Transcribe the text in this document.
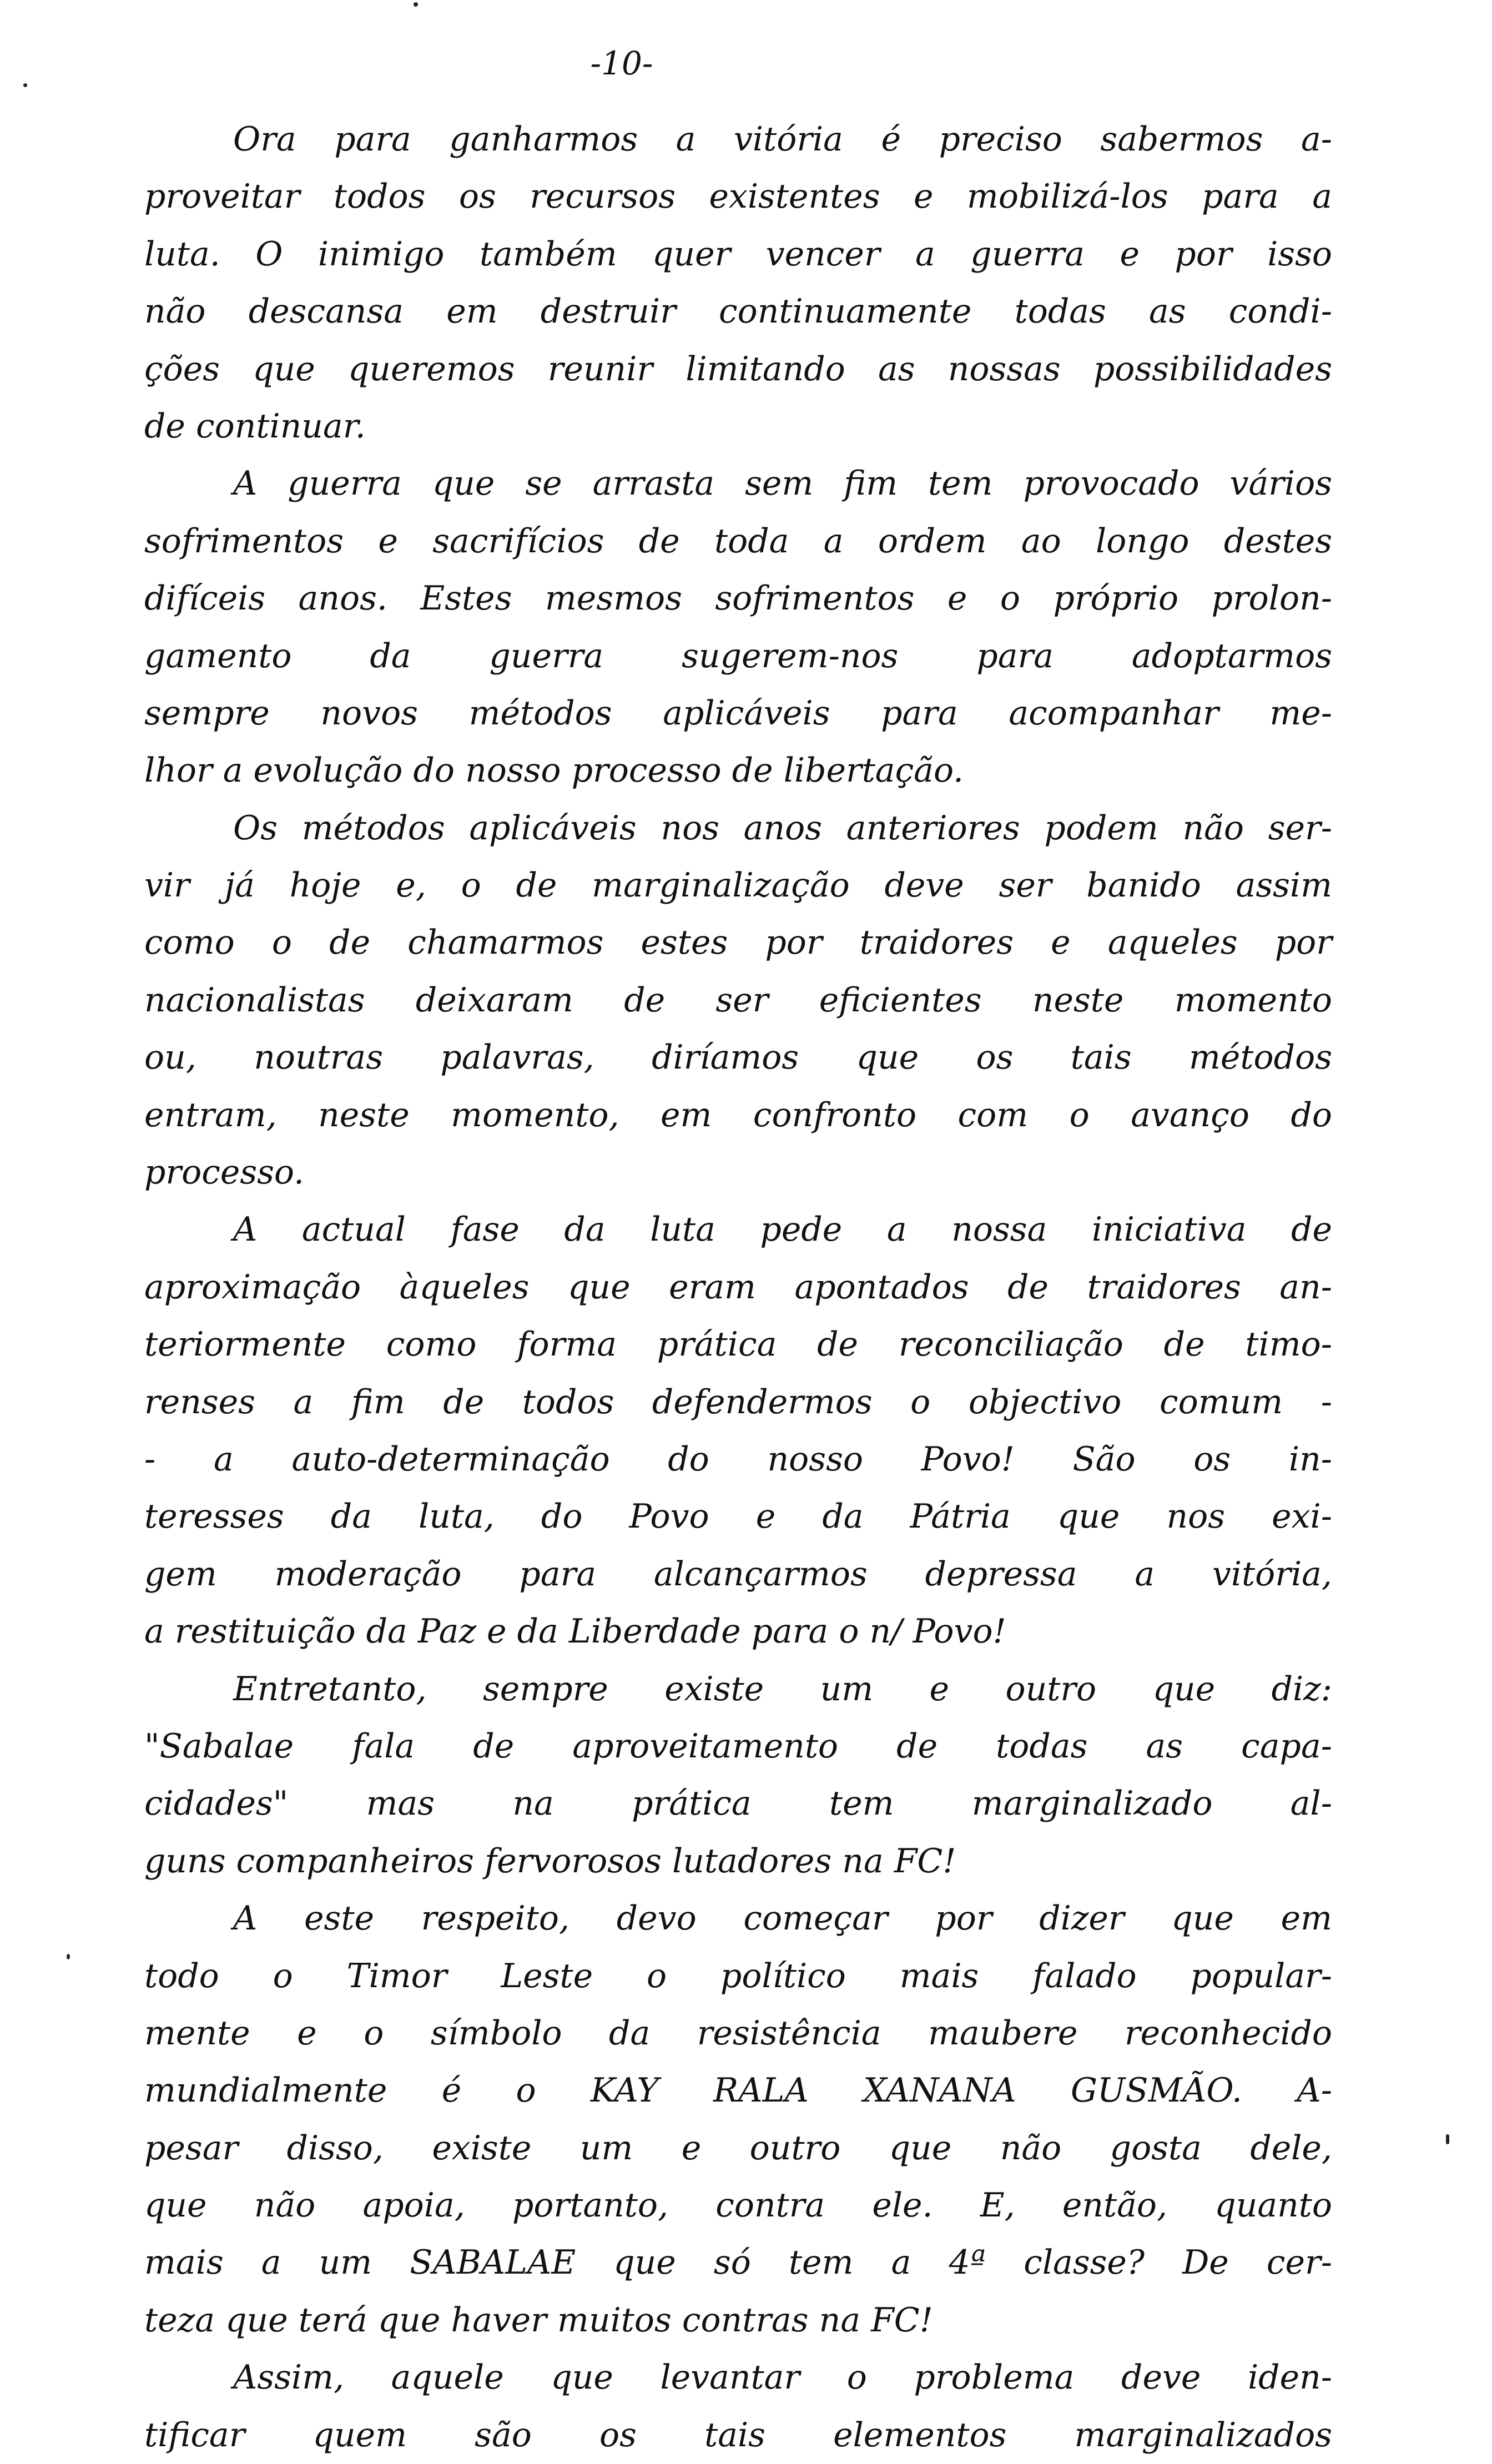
-10-
Ora para ganharmos a vitória é preciso sabermos a-
proveitar todos os recursos existentes e mobilizá-los para a
luta. O inimigo também quer vencer a guerra e por isso
não descansa em destruir continuamente todas as condi-
ções que queremos reunir limitando as nossas possibilidades
de continuar.
A guerra que se arrasta sem fim tem provocado vários
sofrimentos e sacrifícios de toda a ordem ao longo destes
difíceis anos. Estes mesmos sofrimentos e o próprio prolon-
gamento da guerra sugerem-nos para adoptarmos
sempre novos métodos aplicáveis para acompanhar me-
lhor a evolução do nosso processo de libertação.
Os métodos aplicáveis nos anos anteriores podem não ser-
vir já hoje e, o de marginalização deve ser banido assim
como o de chamarmos estes por traidores e aqueles por
nacionalistas deixaram de ser eficientes neste momento
ou, noutras palavras, diríamos que os tais métodos
entram, neste momento, em confronto com o avanço do
processo.
A actual fase da luta pede a nossa iniciativa de
aproximação àqueles que eram apontados de traidores an-
teriormente como forma prática de reconciliação de timo-
renses a fim de todos defendermos o objectivo comum -
- a auto-determinação do nosso Povo! São os in-
teresses da luta, do Povo e da Pátria que nos exi-
gem moderação para alcançarmos depressa a vitória,
a restituição da Paz e da Liberdade para o n/ Povo!
Entretanto, sempre existe um e outro que diz:
"Sabalae fala de aproveitamento de todas as capa-
cidades" mas na prática tem marginalizado al-
guns companheiros fervorosos lutadores na FC!
A este respeito, devo começar por dizer que em
todo o Timor Leste o político mais falado popular-
mente e o símbolo da resistência maubere reconhecido
mundialmente é o KAY RALA XANANA GUSMÃO. A-
pesar disso, existe um e outro que não gosta dele,
que não apoia, portanto, contra ele. E, então, quanto
mais a um SABALAE que só tem a 4ª classe? De cer-
teza que terá que haver muitos contras na FC!
Assim, aquele que levantar o problema deve iden-
tificar quem são os tais elementos marginalizados
